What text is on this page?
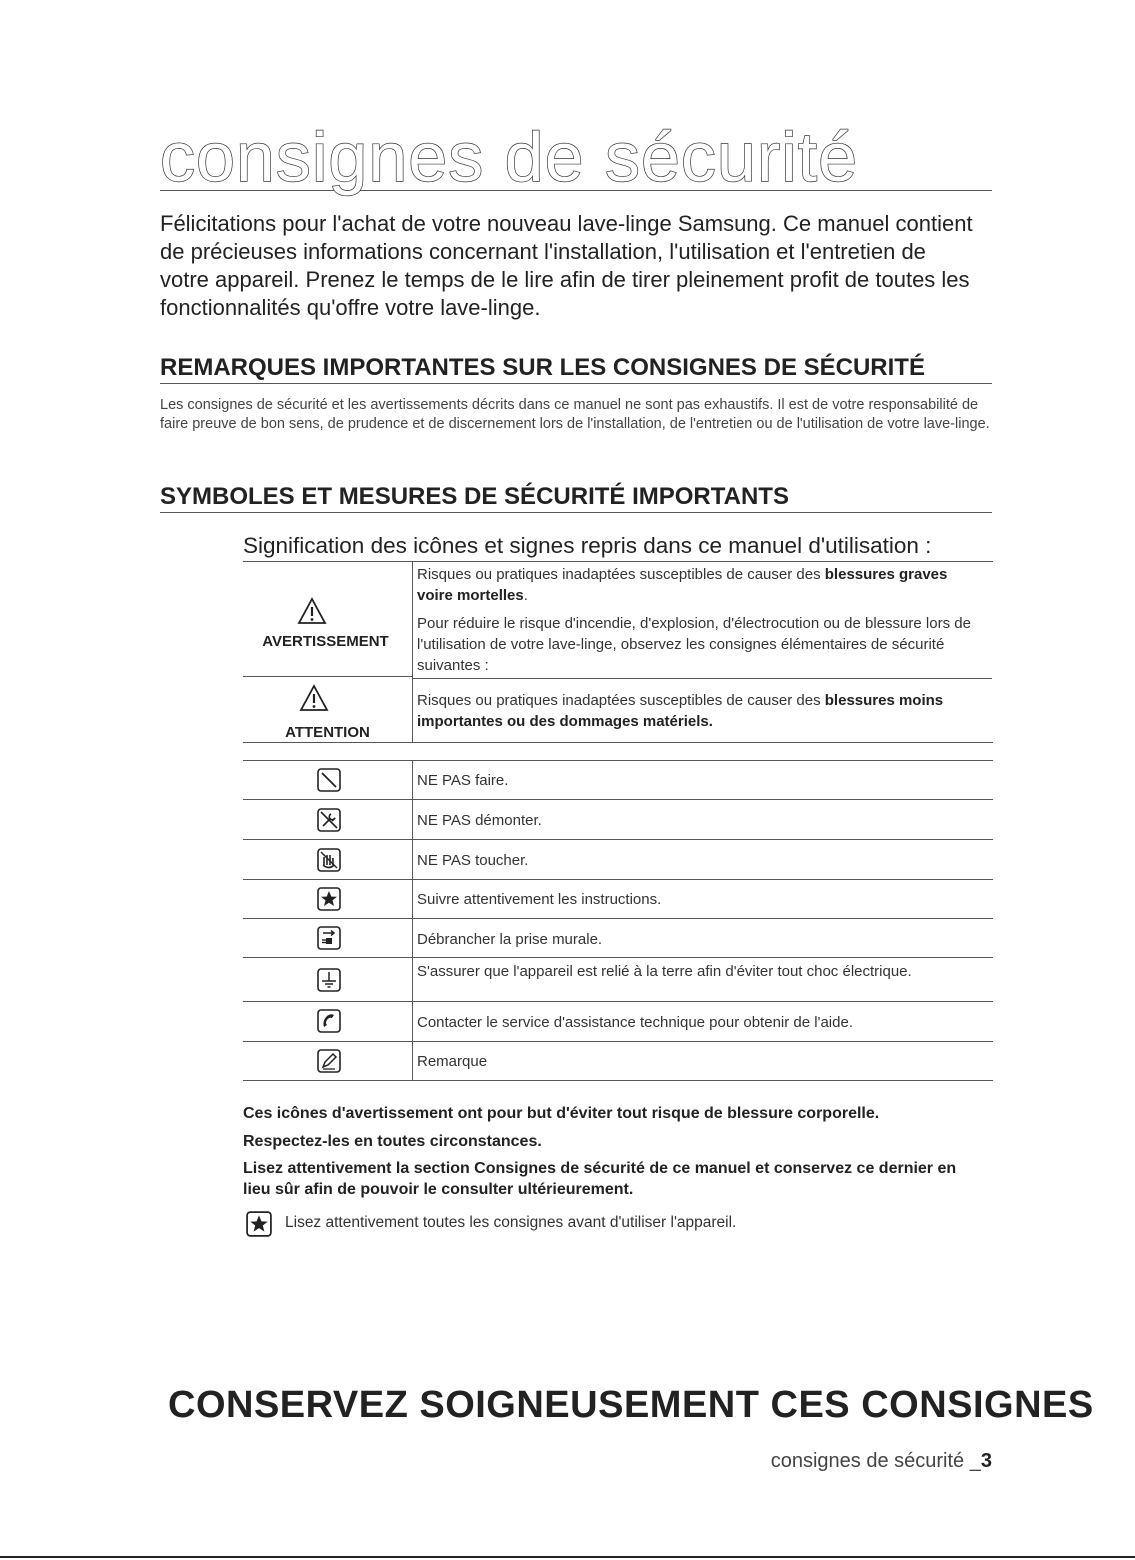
consignes de sécurité

Félicitations pour l'achat de votre nouveau lave-linge Samsung. Ce manuel contient de précieuses informations concernant l'installation, l'utilisation et l'entretien de votre appareil. Prenez le temps de le lire afin de tirer pleinement profit de toutes les fonctionnalités qu'offre votre lave-linge.

REMARQUES IMPORTANTES SUR LES CONSIGNES DE SÉCURITÉ

Les consignes de sécurité et les avertissements décrits dans ce manuel ne sont pas exhaustifs. Il est de votre responsabilité de faire preuve de bon sens, de prudence et de discernement lors de l'installation, de l'entretien ou de l'utilisation de votre lave-linge.

SYMBOLES ET MESURES DE SÉCURITÉ IMPORTANTS
Signification des icônes et signes repris dans ce manuel d'utilisation :
AVERTISSEMENT
Risques ou pratiques inadaptées susceptibles de causer des blessures graves voire mortelles.
Pour réduire le risque d'incendie, d'explosion, d'électrocution ou de blessure lors de l'utilisation de votre lave-linge, observez les consignes élémentaires de sécurité suivantes :
ATTENTION
Risques ou pratiques inadaptées susceptibles de causer des blessures moins importantes ou des dommages matériels.
NE PAS faire.
NE PAS démonter.
NE PAS toucher.
Suivre attentivement les instructions.
Débrancher la prise murale.
S'assurer que l'appareil est relié à la terre afin d'éviter tout choc électrique.
Contacter le service d'assistance technique pour obtenir de l'aide.
Remarque

Ces icônes d'avertissement ont pour but d'éviter tout risque de blessure corporelle.

Respectez-les en toutes circonstances.

Lisez attentivement la section Consignes de sécurité de ce manuel et conservez ce dernier en lieu sûr afin de pouvoir le consulter ultérieurement.

Lisez attentivement toutes les consignes avant d'utiliser l'appareil.
CONSERVEZ SOIGNEUSEMENT CES CONSIGNES
consignes de sécurité _3
